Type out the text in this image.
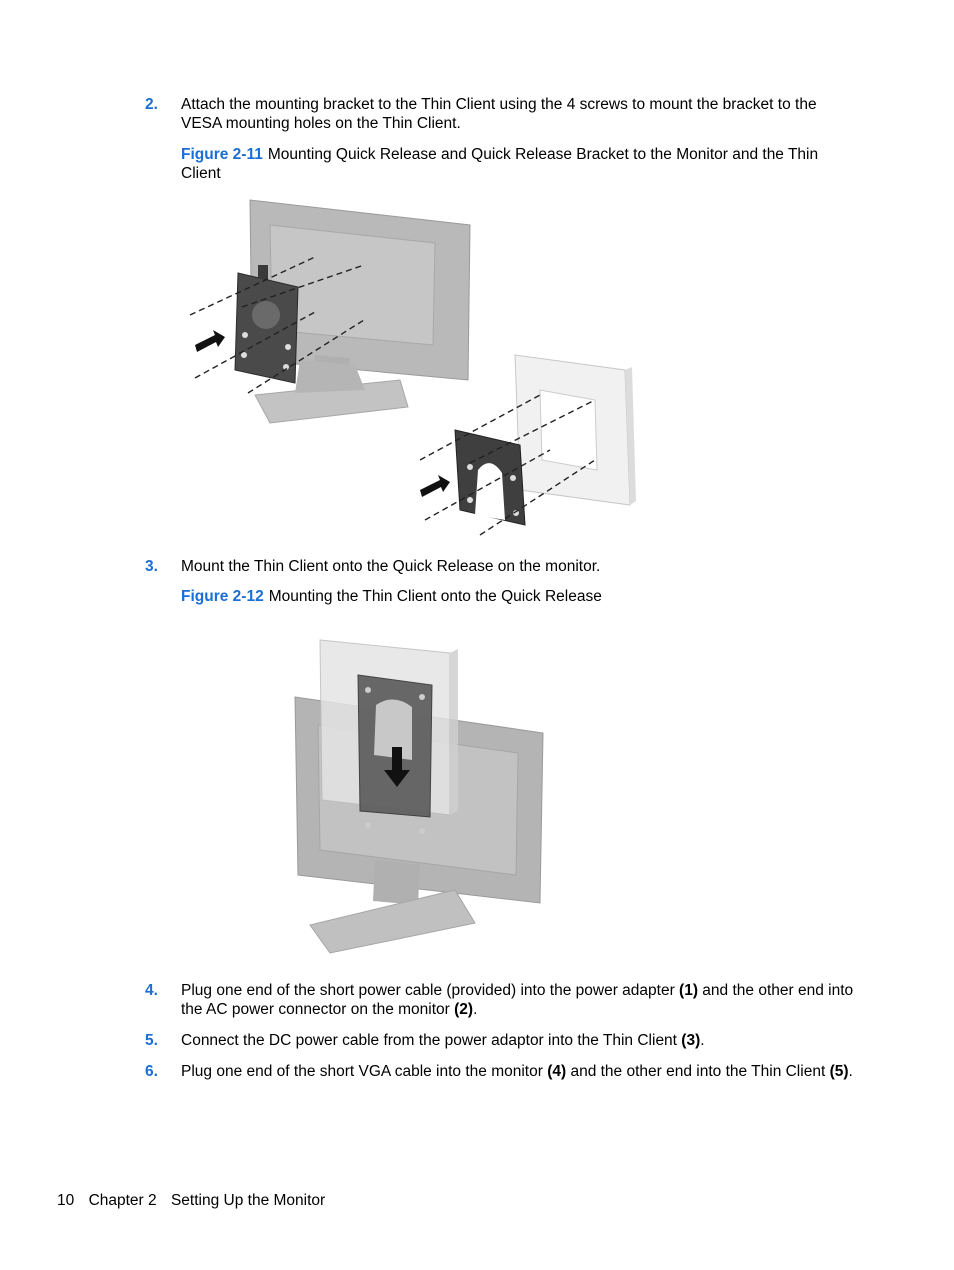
2. Attach the mounting bracket to the Thin Client using the 4 screws to mount the bracket to the VESA mounting holes on the Thin Client.
Figure 2-11 Mounting Quick Release and Quick Release Bracket to the Monitor and the Thin Client
3. Mount the Thin Client onto the Quick Release on the monitor.
Figure 2-12 Mounting the Thin Client onto the Quick Release
4. Plug one end of the short power cable (provided) into the power adapter (1) and the other end into the AC power connector on the monitor (2).
5. Connect the DC power cable from the power adaptor into the Thin Client (3).
6. Plug one end of the short VGA cable into the monitor (4) and the other end into the Thin Client (5).
10 Chapter 2 Setting Up the Monitor
